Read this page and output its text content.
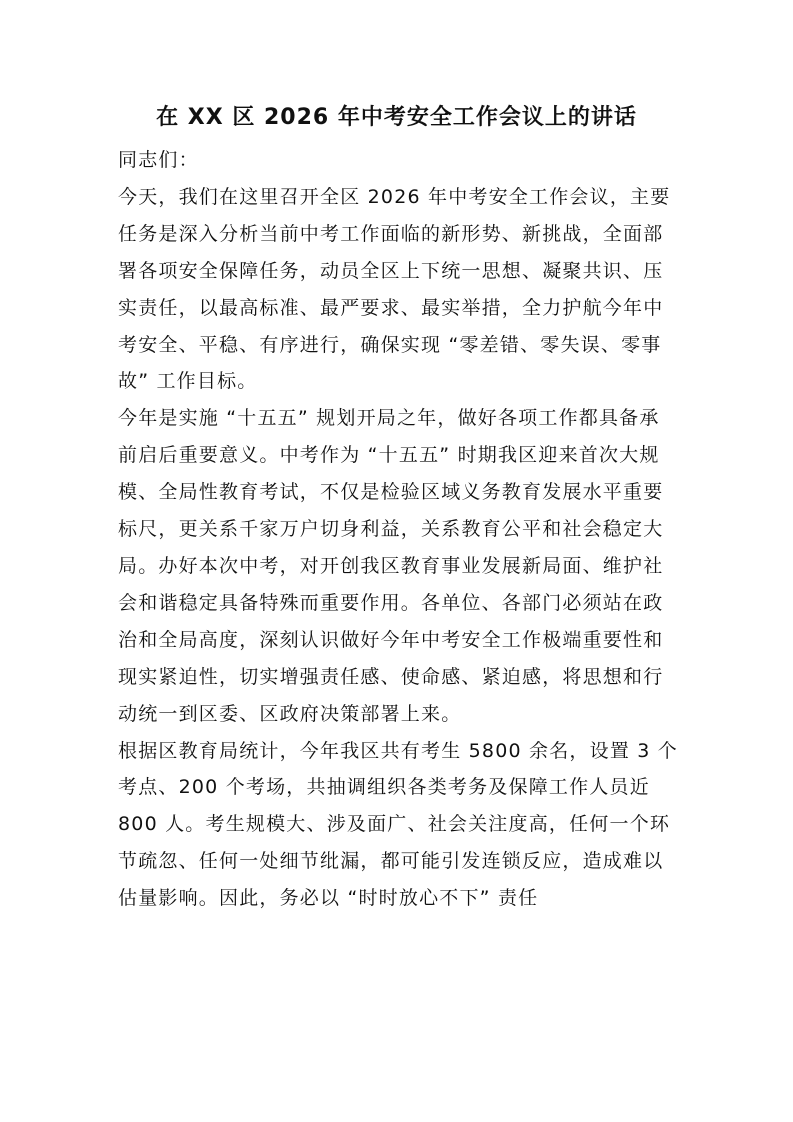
在 XX 区 2026 年中考安全工作会议上的讲话

同志们：

今天，我们在这里召开全区 2026 年中考安全工作会议，主要任务是深入分析当前中考工作面临的新形势、新挑战，全面部署各项安全保障任务，动员全区上下统一思想、凝聚共识、压实责任，以最高标准、最严要求、最实举措，全力护航今年中考安全、平稳、有序进行，确保实现 “零差错、零失误、零事故” 工作目标。

今年是实施 “十五五” 规划开局之年，做好各项工作都具备承前启后重要意义。中考作为 “十五五” 时期我区迎来首次大规模、全局性教育考试，不仅是检验区域义务教育发展水平重要标尺，更关系千家万户切身利益，关系教育公平和社会稳定大局。办好本次中考，对开创我区教育事业发展新局面、维护社会和谐稳定具备特殊而重要作用。各单位、各部门必须站在政治和全局高度，深刻认识做好今年中考安全工作极端重要性和现实紧迫性，切实增强责任感、使命感、紧迫感，将思想和行动统一到区委、区政府决策部署上来。

根据区教育局统计，今年我区共有考生 5800 余名，设置 3 个考点、200 个考场，共抽调组织各类考务及保障工作人员近 800 人。考生规模大、涉及面广、社会关注度高，任何一个环节疏忽、任何一处细节纰漏，都可能引发连锁反应，造成难以估量影响。因此，务必以 “时时放心不下” 责任
